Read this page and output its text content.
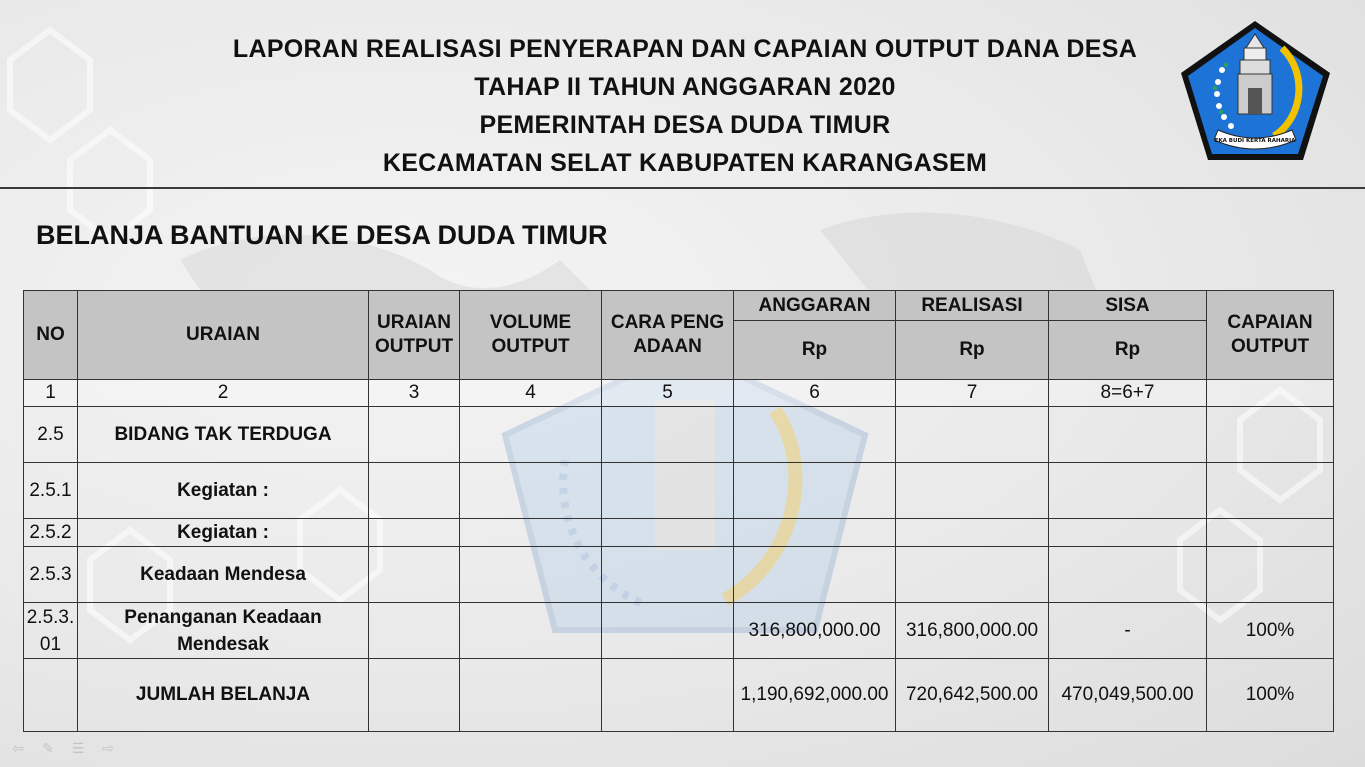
LAPORAN REALISASI PENYERAPAN DAN CAPAIAN OUTPUT DANA DESA
TAHAP II TAHUN ANGGARAN 2020
PEMERINTAH DESA DUDA TIMUR
KECAMATAN SELAT KABUPATEN KARANGASEM
EKA BUDI KERTA RAHARJA
BELANJA BANTUAN KE DESA DUDA TIMUR
NO	URAIAN	URAIAN OUTPUT	VOLUME OUTPUT	CARA PENGADAAN	ANGGARAN	REALISASI	SISA	CAPAIAN OUTPUT
					Rp	Rp	Rp	
1	2	3	4	5	6	7	8=6+7	
2.5	BIDANG TAK TERDUGA							
2.5.1	Kegiatan :							
2.5.2	Kegiatan :							
2.5.3	Keadaan Mendesa							
2.5.3.01	Penanganan Keadaan Mendesak				316,800,000.00	316,800,000.00	-	100%
	JUMLAH BELANJA				1,190,692,000.00	720,642,500.00	470,049,500.00	100%
⇦ ✎ ☰ ⇨
